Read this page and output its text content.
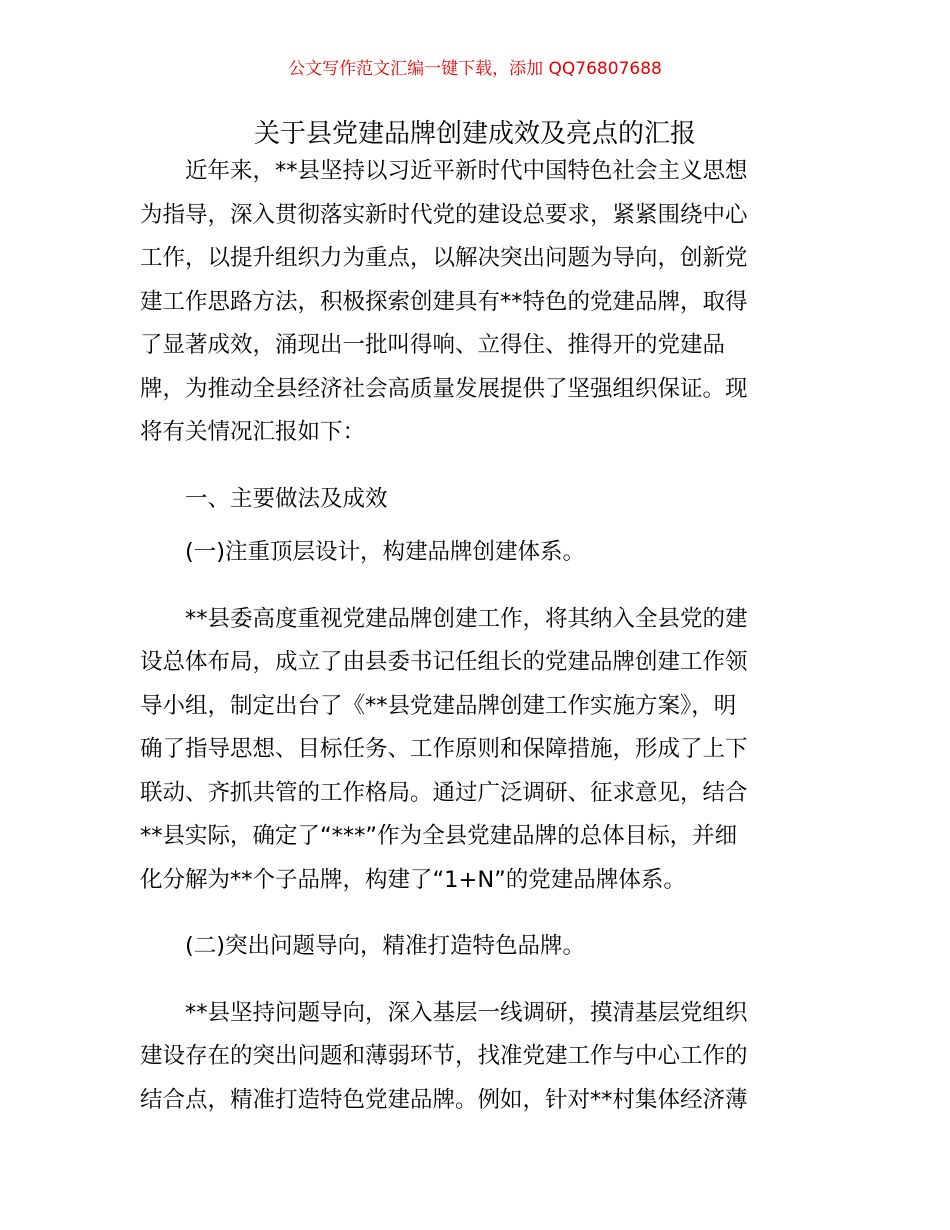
公文写作范文汇编一键下载，添加 QQ76807688
关于县党建品牌创建成效及亮点的汇报
　　近年来，**县坚持以习近平新时代中国特色社会主义思想
为指导，深入贯彻落实新时代党的建设总要求，紧紧围绕中心
工作，以提升组织力为重点，以解决突出问题为导向，创新党
建工作思路方法，积极探索创建具有**特色的党建品牌，取得
了显著成效，涌现出一批叫得响、立得住、推得开的党建品
牌，为推动全县经济社会高质量发展提供了坚强组织保证。现
将有关情况汇报如下：
　　一、主要做法及成效
　　(一)注重顶层设计，构建品牌创建体系。
　　**县委高度重视党建品牌创建工作，将其纳入全县党的建
设总体布局，成立了由县委书记任组长的党建品牌创建工作领
导小组，制定出台了《**县党建品牌创建工作实施方案》，明
确了指导思想、目标任务、工作原则和保障措施，形成了上下
联动、齐抓共管的工作格局。通过广泛调研、征求意见，结合
**县实际，确定了“***”作为全县党建品牌的总体目标，并细
化分解为**个子品牌，构建了“1+N”的党建品牌体系。
　　(二)突出问题导向，精准打造特色品牌。
　　**县坚持问题导向，深入基层一线调研，摸清基层党组织
建设存在的突出问题和薄弱环节，找准党建工作与中心工作的
结合点，精准打造特色党建品牌。例如，针对**村集体经济薄
